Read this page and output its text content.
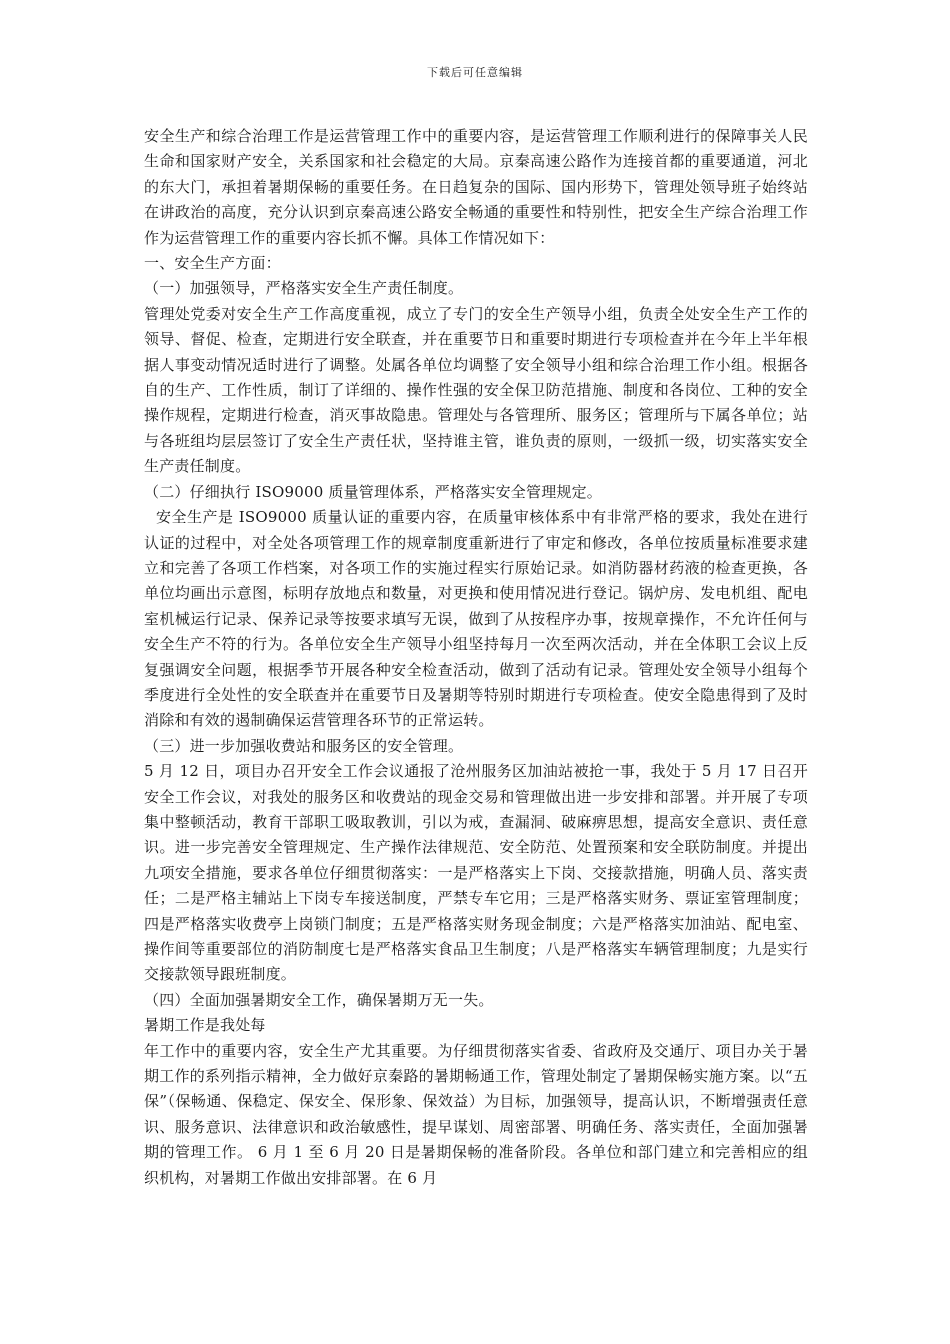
下载后可任意编辑

安全生产和综合治理工作是运营管理工作中的重要内容，是运营管理工作顺利进行的保障事关人民生命和国家财产安全，关系国家和社会稳定的大局。京秦高速公路作为连接首都的重要通道，河北的东大门，承担着暑期保畅的重要任务。在日趋复杂的国际、国内形势下，管理处领导班子始终站在讲政治的高度，充分认识到京秦高速公路安全畅通的重要性和特别性，把安全生产综合治理工作作为运营管理工作的重要内容长抓不懈。具体工作情况如下：

一、安全生产方面：

（一）加强领导，严格落实安全生产责任制度。

管理处党委对安全生产工作高度重视，成立了专门的安全生产领导小组，负责全处安全生产工作的领导、督促、检查，定期进行安全联查，并在重要节日和重要时期进行专项检查并在今年上半年根据人事变动情况适时进行了调整。处属各单位均调整了安全领导小组和综合治理工作小组。根据各自的生产、工作性质，制订了详细的、操作性强的安全保卫防范措施、制度和各岗位、工种的安全操作规程，定期进行检查，消灭事故隐患。管理处与各管理所、服务区；管理所与下属各单位；站与各班组均层层签订了安全生产责任状，坚持谁主管，谁负责的原则，一级抓一级，切实落实安全生产责任制度。

（二）仔细执行 ISO9000 质量管理体系，严格落实安全管理规定。

安全生产是 ISO9000 质量认证的重要内容，在质量审核体系中有非常严格的要求，我处在进行认证的过程中，对全处各项管理工作的规章制度重新进行了审定和修改，各单位按质量标准要求建立和完善了各项工作档案，对各项工作的实施过程实行原始记录。如消防器材药液的检查更换，各单位均画出示意图，标明存放地点和数量，对更换和使用情况进行登记。锅炉房、发电机组、配电室机械运行记录、保养记录等按要求填写无误，做到了从按程序办事，按规章操作，不允许任何与安全生产不符的行为。各单位安全生产领导小组坚持每月一次至两次活动，并在全体职工会议上反复强调安全问题，根据季节开展各种安全检查活动，做到了活动有记录。管理处安全领导小组每个季度进行全处性的安全联查并在重要节日及暑期等特别时期进行专项检查。使安全隐患得到了及时消除和有效的遏制确保运营管理各环节的正常运转。

（三）进一步加强收费站和服务区的安全管理。

5 月 12 日，项目办召开安全工作会议通报了沧州服务区加油站被抢一事，我处于 5 月 17 日召开安全工作会议，对我处的服务区和收费站的现金交易和管理做出进一步安排和部署。并开展了专项集中整顿活动，教育干部职工吸取教训，引以为戒，查漏洞、破麻痹思想，提高安全意识、责任意识。进一步完善安全管理规定、生产操作法律规范、安全防范、处置预案和安全联防制度。并提出九项安全措施，要求各单位仔细贯彻落实：一是严格落实上下岗、交接款措施，明确人员、落实责任；二是严格主辅站上下岗专车接送制度，严禁专车它用；三是严格落实财务、票证室管理制度；四是严格落实收费亭上岗锁门制度；五是严格落实财务现金制度；六是严格落实加油站、配电室、操作间等重要部位的消防制度七是严格落实食品卫生制度；八是严格落实车辆管理制度；九是实行交接款领导跟班制度。

（四）全面加强暑期安全工作，确保暑期万无一失。

暑期工作是我处每

年工作中的重要内容，安全生产尤其重要。为仔细贯彻落实省委、省政府及交通厅、项目办关于暑期工作的系列指示精神，全力做好京秦路的暑期畅通工作，管理处制定了暑期保畅实施方案。以“五保”（保畅通、保稳定、保安全、保形象、保效益）为目标，加强领导，提高认识，不断增强责任意识、服务意识、法律意识和政治敏感性，提早谋划、周密部署、明确任务、落实责任，全面加强暑期的管理工作。 6 月 1 至 6 月 20 日是暑期保畅的准备阶段。各单位和部门建立和完善相应的组织机构，对暑期工作做出安排部署。在 6 月
